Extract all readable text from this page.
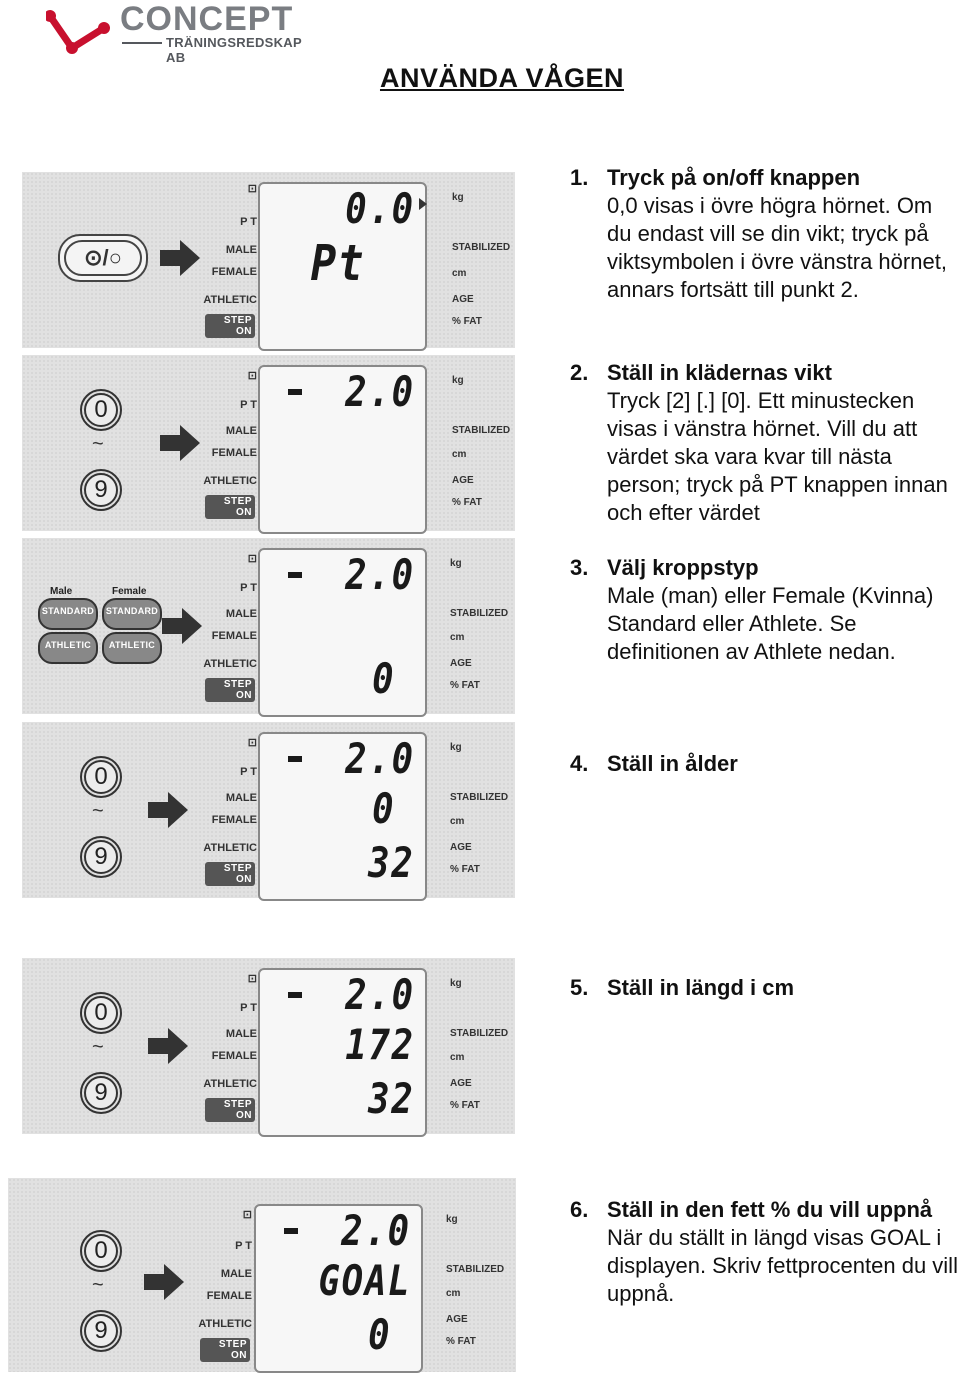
CONCEPT
TRÄNINGSREDSKAP AB
ANVÄNDA VÅGEN
⊙/○
⊡
P T
MALE
FEMALE
ATHLETIC
STEP ON
0.0
Pt
kg
STABILIZED
cm
AGE
% FAT
1. Tryck på on/off knappen
0,0 visas i övre högra hörnet. Om du endast vill se din vikt; tryck på viktsymbolen i övre vänstra hörnet, annars fortsätt till punkt 2.
0
~
9
⊡
P T
MALE
FEMALE
ATHLETIC
STEP ON
2.0	kg
STABILIZED
cm
AGE
% FAT
2. Ställ in klädernas vikt
Tryck [2] [.] [0]. Ett minustecken visas i vänstra hörnet. Vill du att värdet ska vara kvar till nästa person; tryck på PT knappen innan och efter värdet
Male	Female
STANDARD STANDARD
ATHLETIC	ATHLETIC
⊡
P T
MALE
FEMALE
ATHLETIC
STEP ON
2.0
0
kg
STABILIZED
cm
AGE
% FAT
3. Välj kroppstyp
Male (man) eller Female (Kvinna) Standard eller Athlete. Se definitionen av Athlete nedan.
0
~
9
⊡
P T
MALE
FEMALE
ATHLETIC
STEP ON
2.0
0
32
kg
STABILIZED
cm
AGE
% FAT
4. Ställ in ålder
0
~
9
⊡
P T
MALE
FEMALE
ATHLETIC
STEP ON
2.0
172
32
kg
STABILIZED
cm
AGE
% FAT
5. Ställ in längd i cm
0
~
9
⊡
P T
MALE
FEMALE
ATHLETIC
STEP ON
2.0
GOAL
0
kg
STABILIZED
cm
AGE
% FAT
6. Ställ in den fett % du vill uppnå
När du ställt in längd visas GOAL i displayen. Skriv fettprocenten du vill uppnå.
